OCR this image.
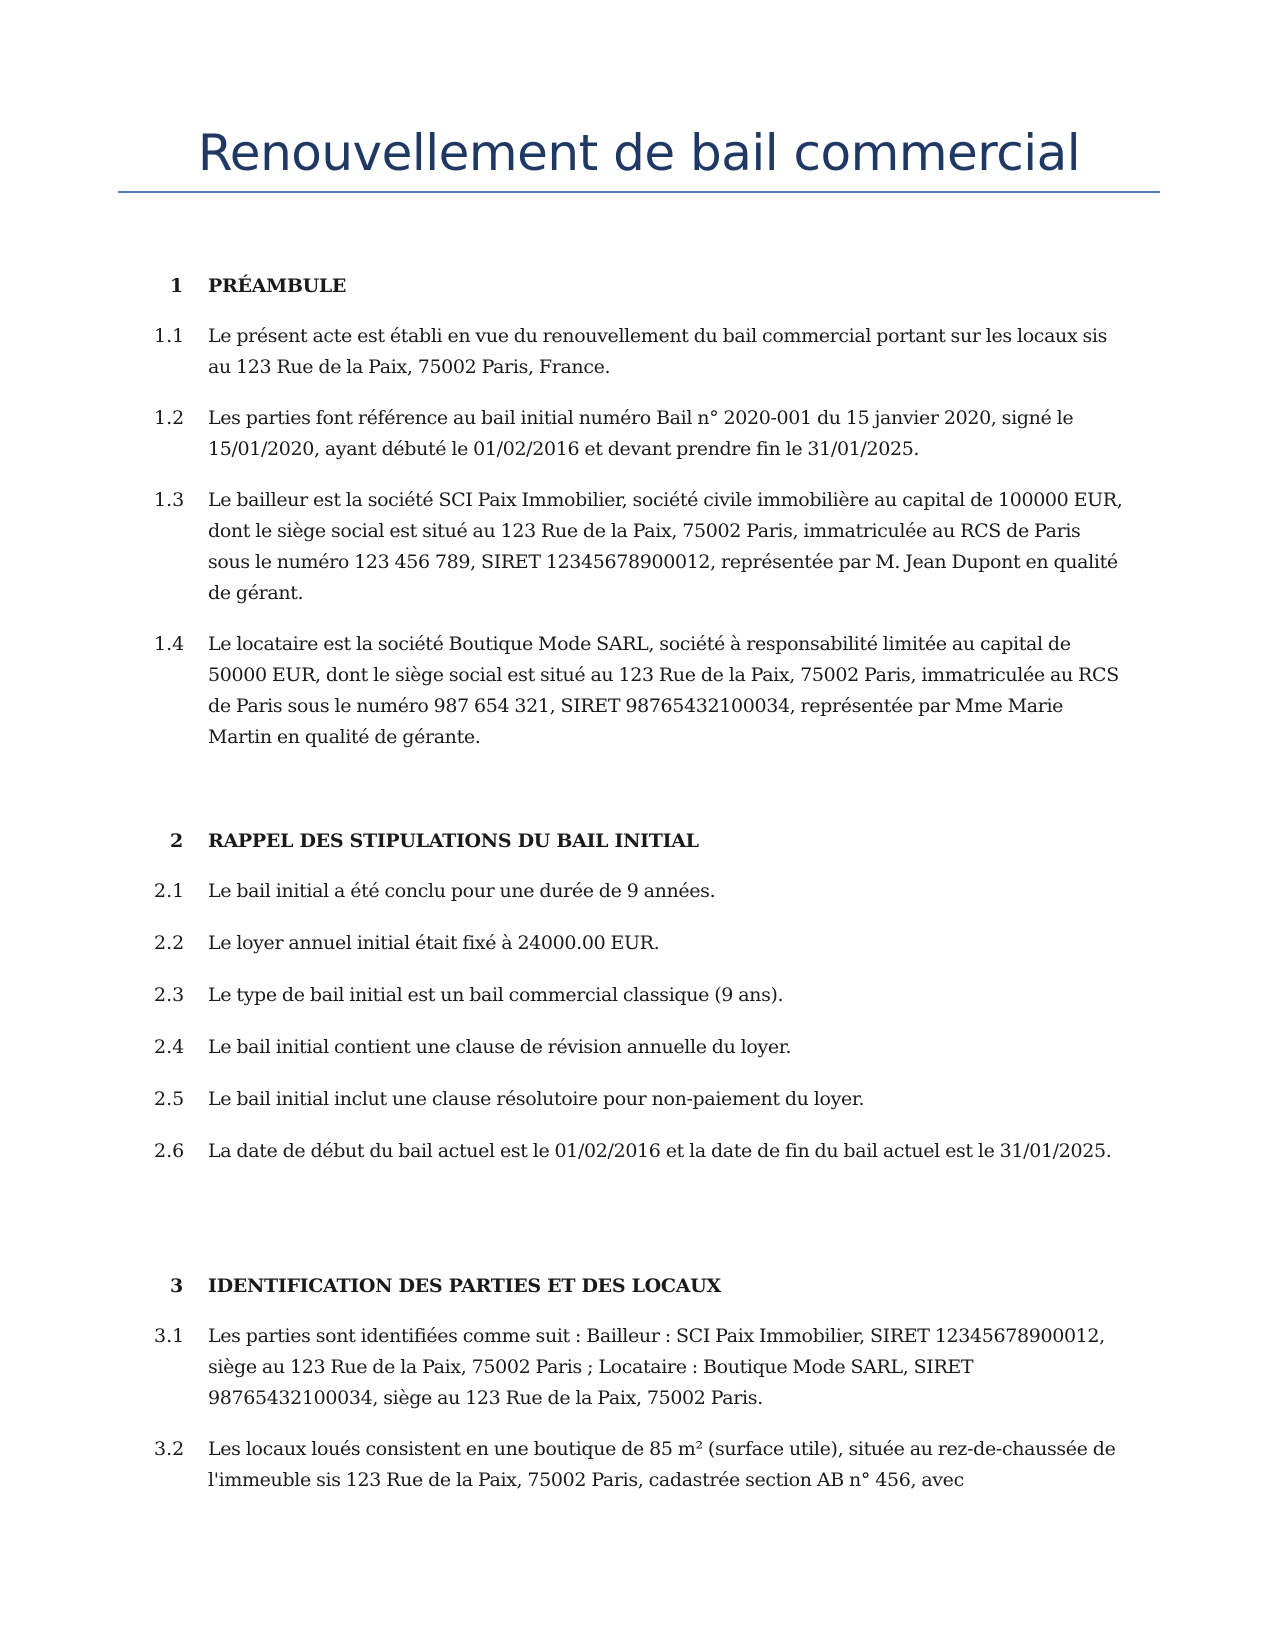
Renouvellement de bail commercial
1 PRÉAMBULE
1.1	Le présent acte est établi en vue du renouvellement du bail commercial portant sur les locaux sis au 123 Rue de la Paix, 75002 Paris, France.
1.2	Les parties font référence au bail initial numéro Bail n° 2020-001 du 15 janvier 2020, signé le 15/01/2020, ayant débuté le 01/02/2016 et devant prendre fin le 31/01/2025.
1.3	Le bailleur est la société SCI Paix Immobilier, société civile immobilière au capital de 100000 EUR, dont le siège social est situé au 123 Rue de la Paix, 75002 Paris, immatriculée au RCS de Paris sous le numéro 123 456 789, SIRET 12345678900012, représentée par M. Jean Dupont en qualité de gérant.
1.4	Le locataire est la société Boutique Mode SARL, société à responsabilité limitée au capital de 50000 EUR, dont le siège social est situé au 123 Rue de la Paix, 75002 Paris, immatriculée au RCS de Paris sous le numéro 987 654 321, SIRET 98765432100034, représentée par Mme Marie Martin en qualité de gérante.
2 RAPPEL DES STIPULATIONS DU BAIL INITIAL
2.1	Le bail initial a été conclu pour une durée de 9 années.
2.2	Le loyer annuel initial était fixé à 24000.00 EUR.
2.3	Le type de bail initial est un bail commercial classique (9 ans).
2.4	Le bail initial contient une clause de révision annuelle du loyer.
2.5	Le bail initial inclut une clause résolutoire pour non-paiement du loyer.
2.6	La date de début du bail actuel est le 01/02/2016 et la date de fin du bail actuel est le 31/01/2025.
3 IDENTIFICATION DES PARTIES ET DES LOCAUX
3.1	Les parties sont identifiées comme suit : Bailleur : SCI Paix Immobilier, SIRET 12345678900012, siège au 123 Rue de la Paix, 75002 Paris ; Locataire : Boutique Mode SARL, SIRET 98765432100034, siège au 123 Rue de la Paix, 75002 Paris.
3.2	Les locaux loués consistent en une boutique de 85 m² (surface utile), située au rez-de-chaussée de l'immeuble sis 123 Rue de la Paix, 75002 Paris, cadastrée section AB n° 456, avec
